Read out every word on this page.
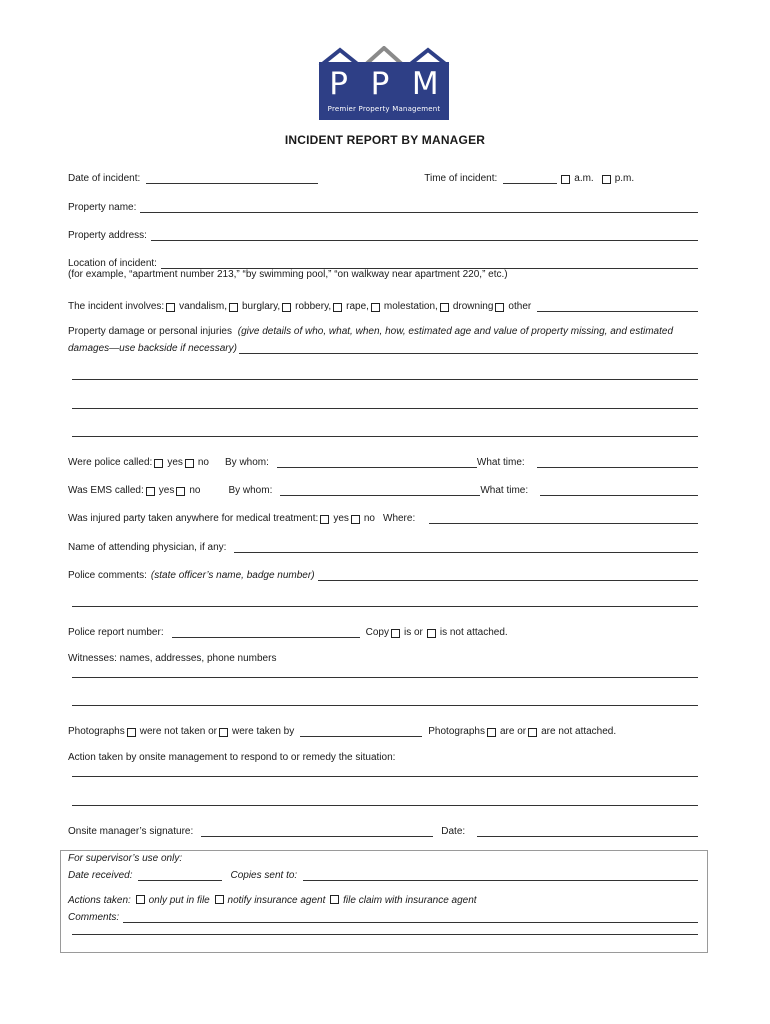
P P M
Premier Property Management
INCIDENT REPORT BY MANAGER
Date of incident:	Time of incident:	a.m. p.m.
Property name:
Property address:
Location of incident:
(for example, “apartment number 213,” “by swimming pool,” “on walkway near apartment 220,” etc.)
The incident involves: vandalism, burglary, robbery, rape, molestation, drowning other
Property damage or personal injuries (give details of who, what, when, how, estimated age and value of property missing, and estimated
damages—use backside if necessary)
Were police called: yes no By whom:	What time:
Was EMS called: yes no	By whom:	What time:
Was injured party taken anywhere for medical treatment: yes no Where:
Name of attending physician, if any:
Police comments: (state officer’s name, badge number)
Police report number:	Copy is or is not attached.
Witnesses: names, addresses, phone numbers
Photographs were not taken or were taken by	Photographs are or are not attached.
Action taken by onsite management to respond to or remedy the situation:
Onsite manager’s signature:	Date:
For supervisor’s use only:
Date received:	Copies sent to:
Actions taken: only put in file notify insurance agent file claim with insurance agent
Comments:
